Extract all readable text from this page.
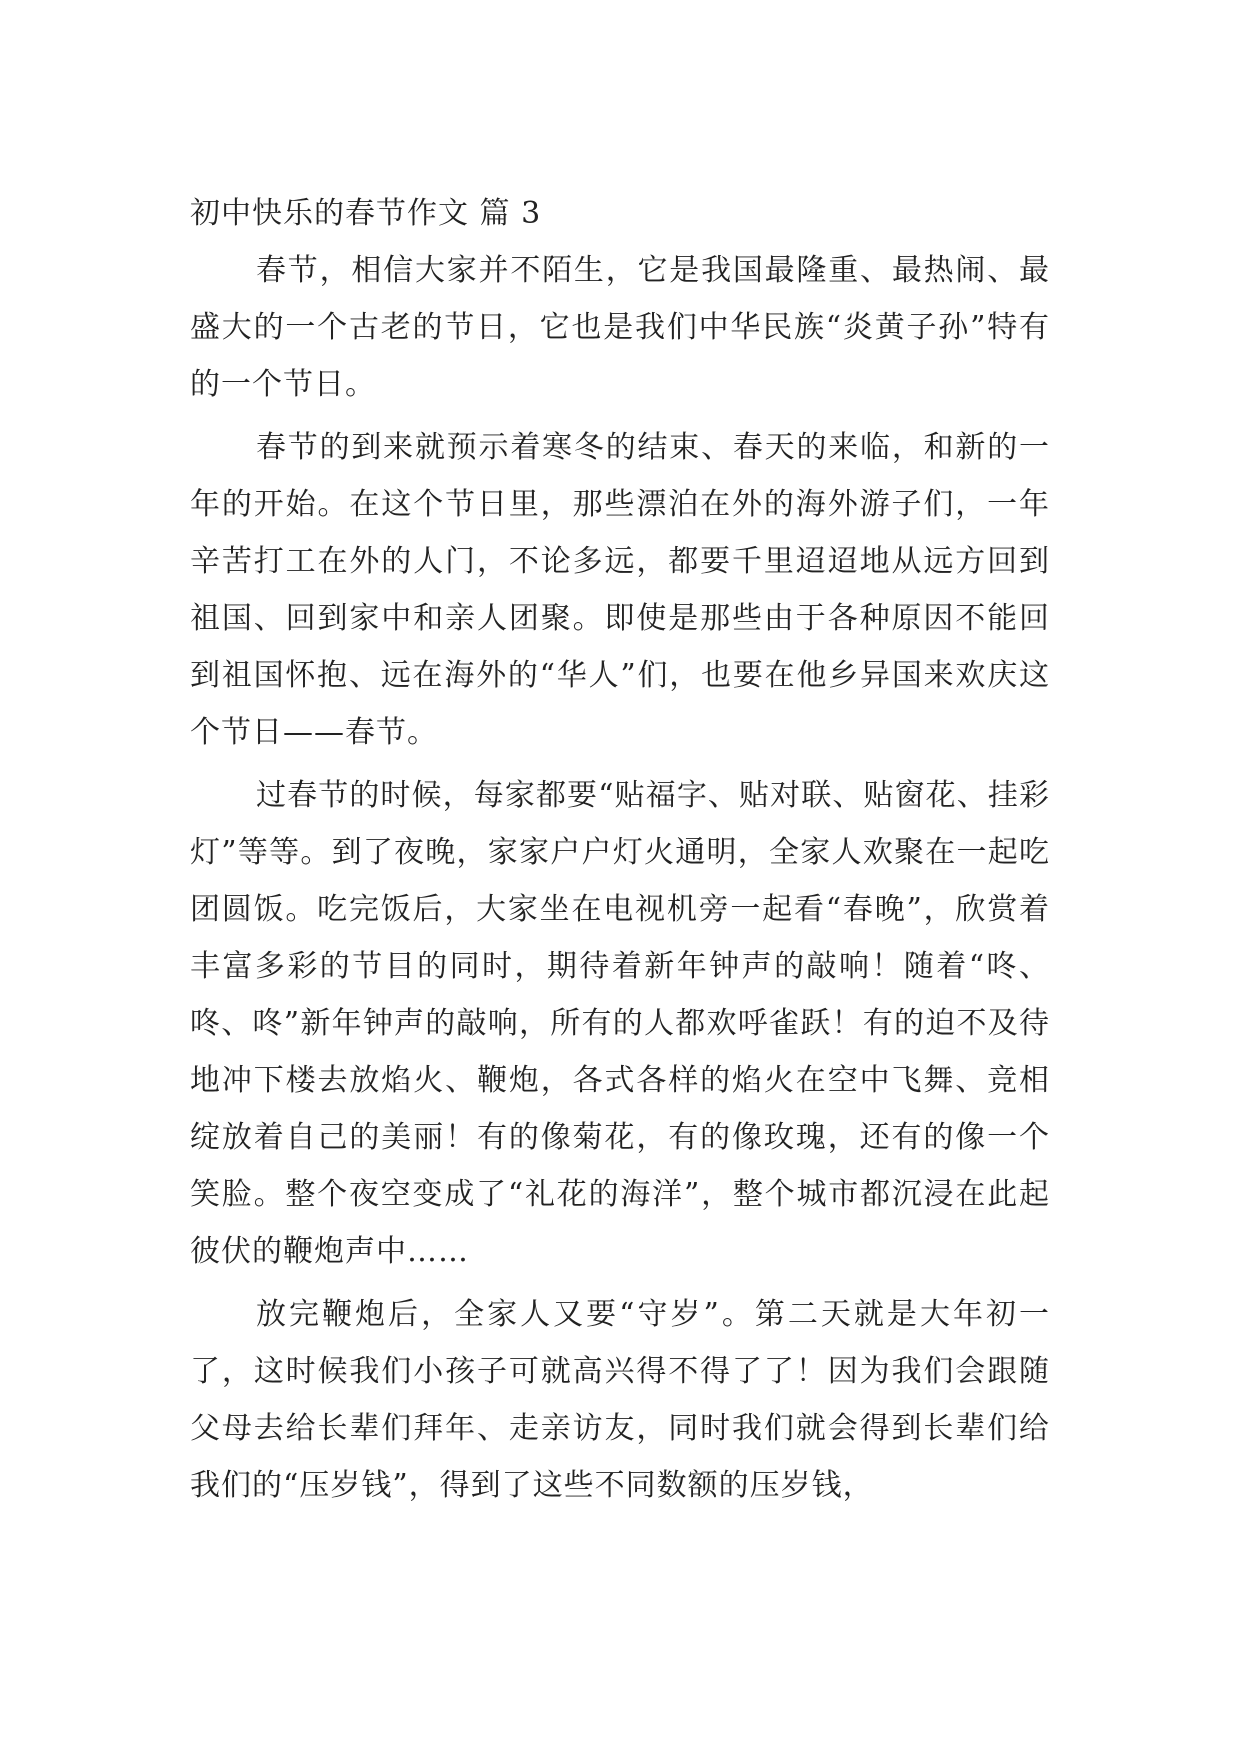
初中快乐的春节作文 篇 3

春节，相信大家并不陌生，它是我国最隆重、最热闹、最盛大的一个古老的节日，它也是我们中华民族“炎黄子孙”特有的一个节日。

春节的到来就预示着寒冬的结束、春天的来临，和新的一年的开始。在这个节日里，那些漂泊在外的海外游子们，一年辛苦打工在外的人门，不论多远，都要千里迢迢地从远方回到祖国、回到家中和亲人团聚。即使是那些由于各种原因不能回到祖国怀抱、远在海外的“华人”们，也要在他乡异国来欢庆这个节日——春节。

过春节的时候，每家都要“贴福字、贴对联、贴窗花、挂彩灯”等等。到了夜晚，家家户户灯火通明，全家人欢聚在一起吃团圆饭。吃完饭后，大家坐在电视机旁一起看“春晚”，欣赏着丰富多彩的节目的同时，期待着新年钟声的敲响！随着“咚、咚、咚”新年钟声的敲响，所有的人都欢呼雀跃！有的迫不及待地冲下楼去放焰火、鞭炮，各式各样的焰火在空中飞舞、竞相绽放着自己的美丽！有的像菊花，有的像玫瑰，还有的像一个笑脸。整个夜空变成了“礼花的海洋”，整个城市都沉浸在此起彼伏的鞭炮声中……

放完鞭炮后，全家人又要“守岁”。第二天就是大年初一了，这时候我们小孩子可就高兴得不得了了！因为我们会跟随父母去给长辈们拜年、走亲访友，同时我们就会得到长辈们给我们的“压岁钱”，得到了这些不同数额的压岁钱，
